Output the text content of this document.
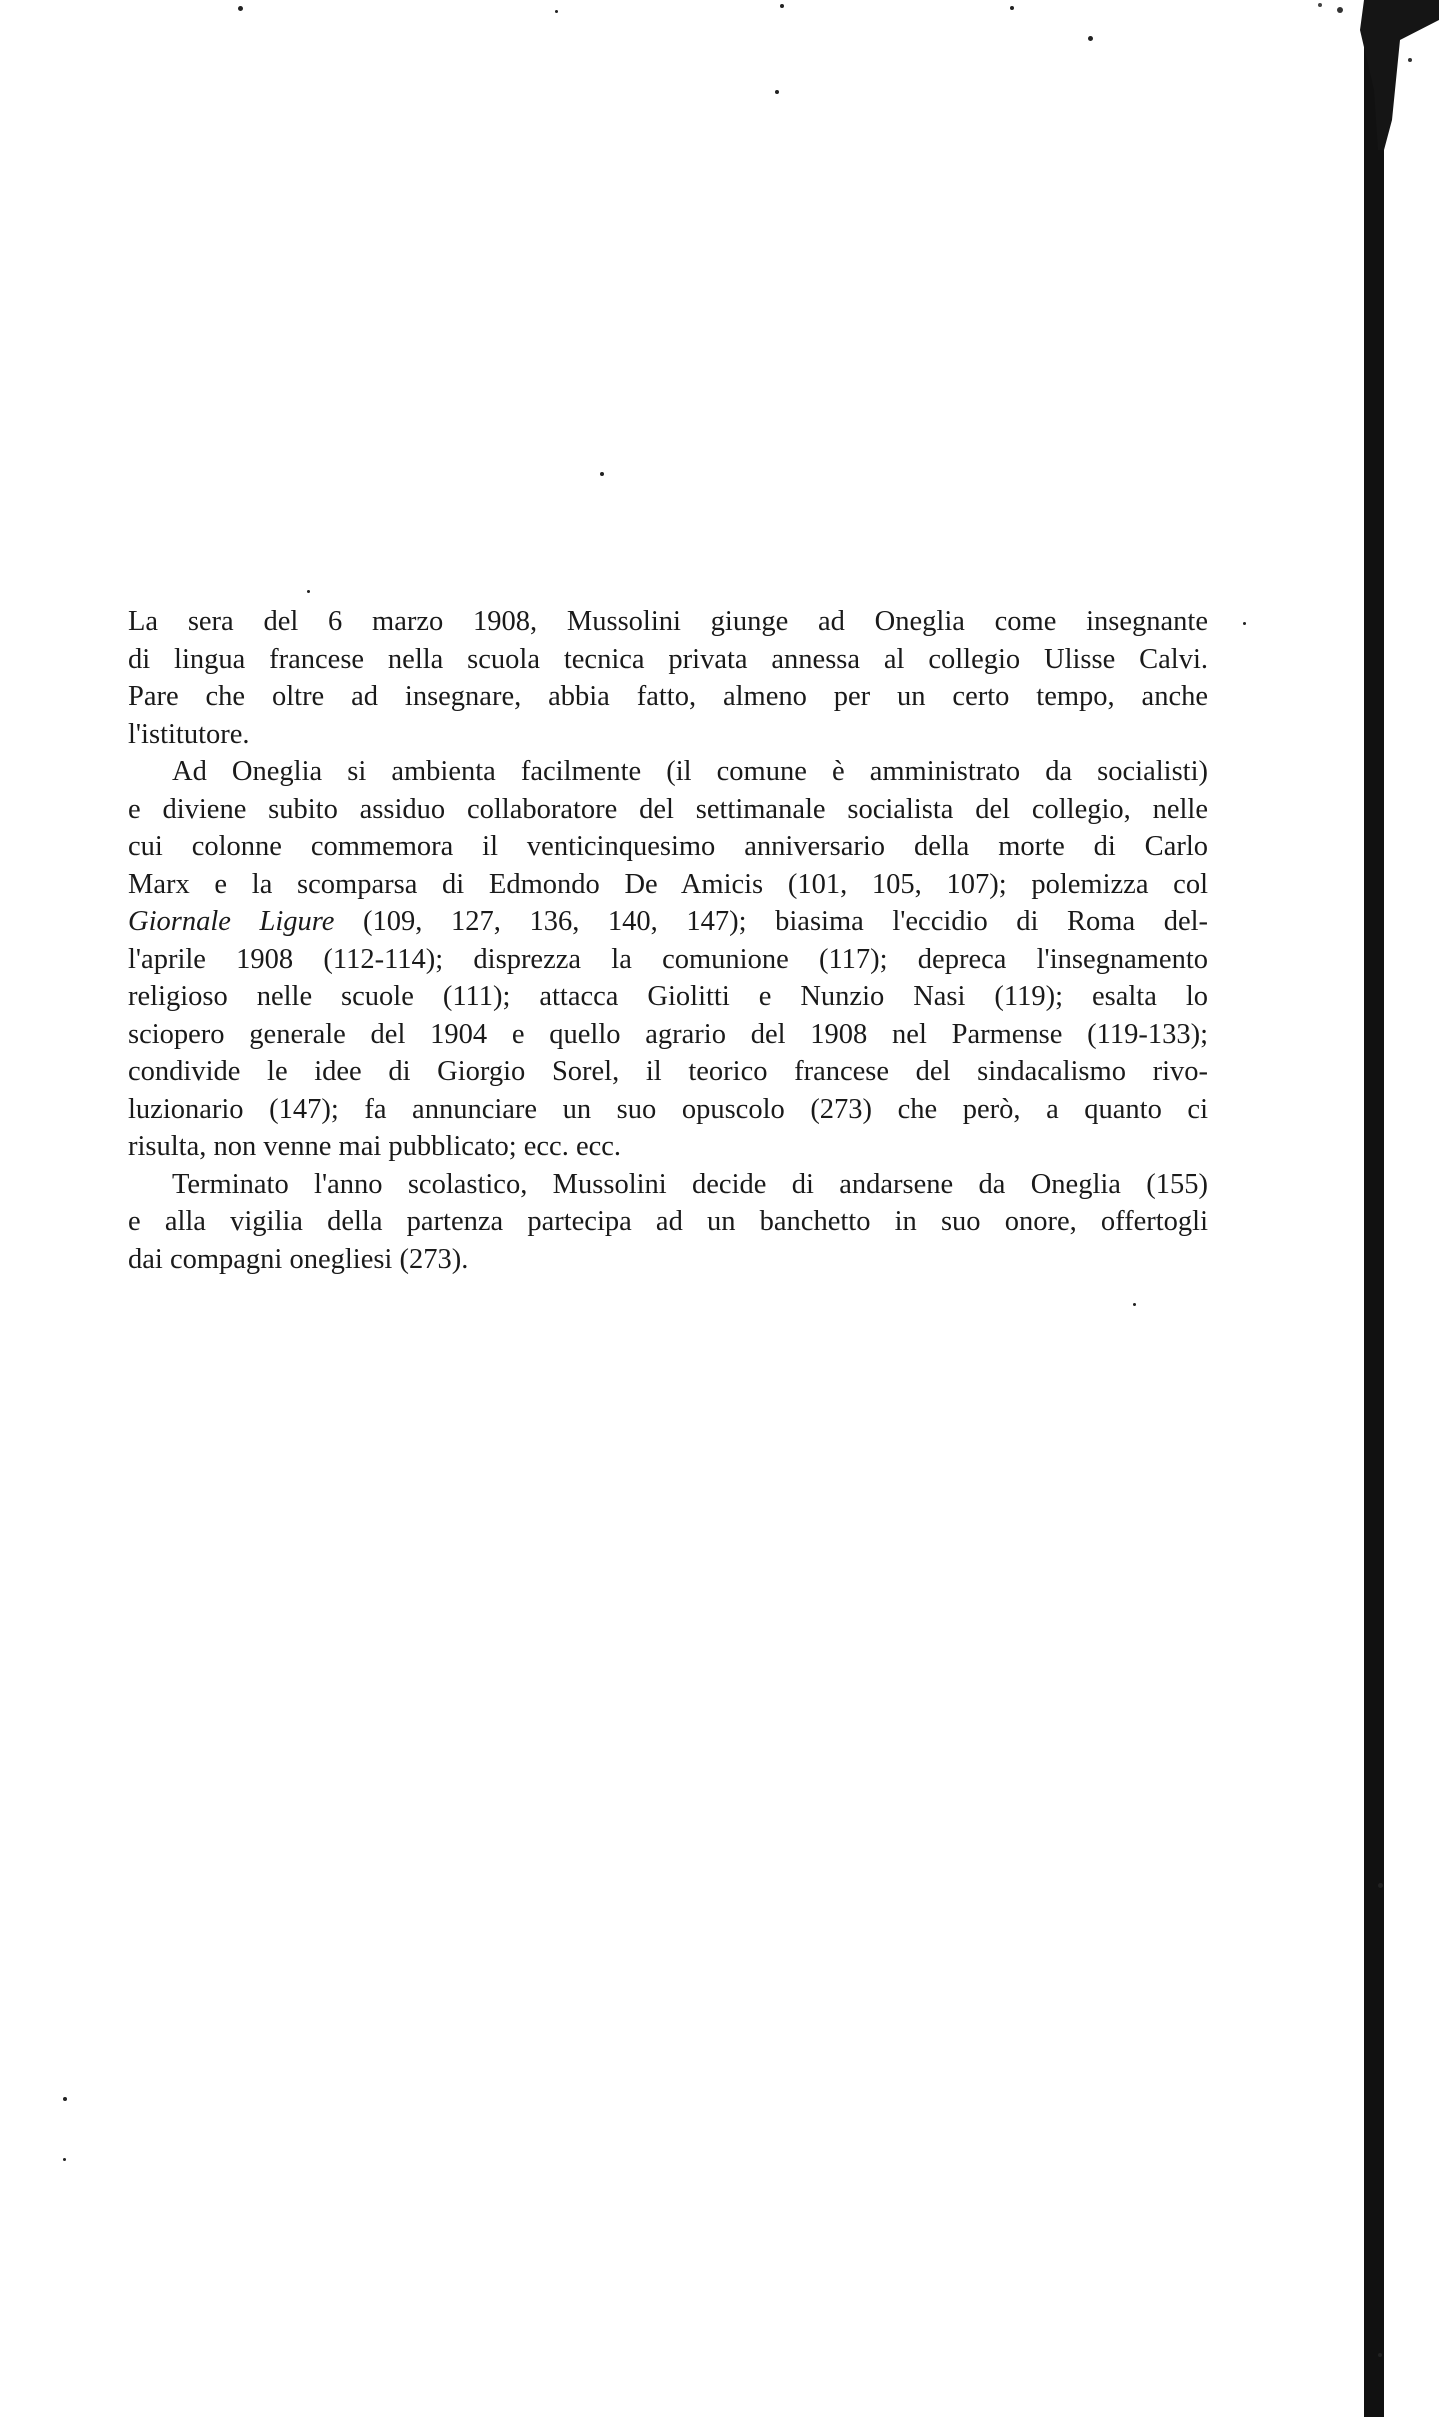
La sera del 6 marzo 1908, Mussolini giunge ad Oneglia come insegnante
di lingua francese nella scuola tecnica privata annessa al collegio Ulisse Calvi.
Pare che oltre ad insegnare, abbia fatto, almeno per un certo tempo, anche
l'istitutore.

Ad Oneglia si ambienta facilmente (il comune è amministrato da socialisti)
e diviene subito assiduo collaboratore del settimanale socialista del collegio, nelle
cui colonne commemora il venticinquesimo anniversario della morte di Carlo
Marx e la scomparsa di Edmondo De Amicis (101, 105, 107); polemizza col
Giornale Ligure (109, 127, 136, 140, 147); biasima l'eccidio di Roma del-
l'aprile 1908 (112-114); disprezza la comunione (117); depreca l'insegnamento
religioso nelle scuole (111); attacca Giolitti e Nunzio Nasi (119); esalta lo
sciopero generale del 1904 e quello agrario del 1908 nel Parmense (119-133);
condivide le idee di Giorgio Sorel, il teorico francese del sindacalismo rivo-
luzionario (147); fa annunciare un suo opuscolo (273) che però, a quanto ci
risulta, non venne mai pubblicato; ecc. ecc.

Terminato l'anno scolastico, Mussolini decide di andarsene da Oneglia (155)
e alla vigilia della partenza partecipa ad un banchetto in suo onore, offertogli
dai compagni onegliesi (273).
